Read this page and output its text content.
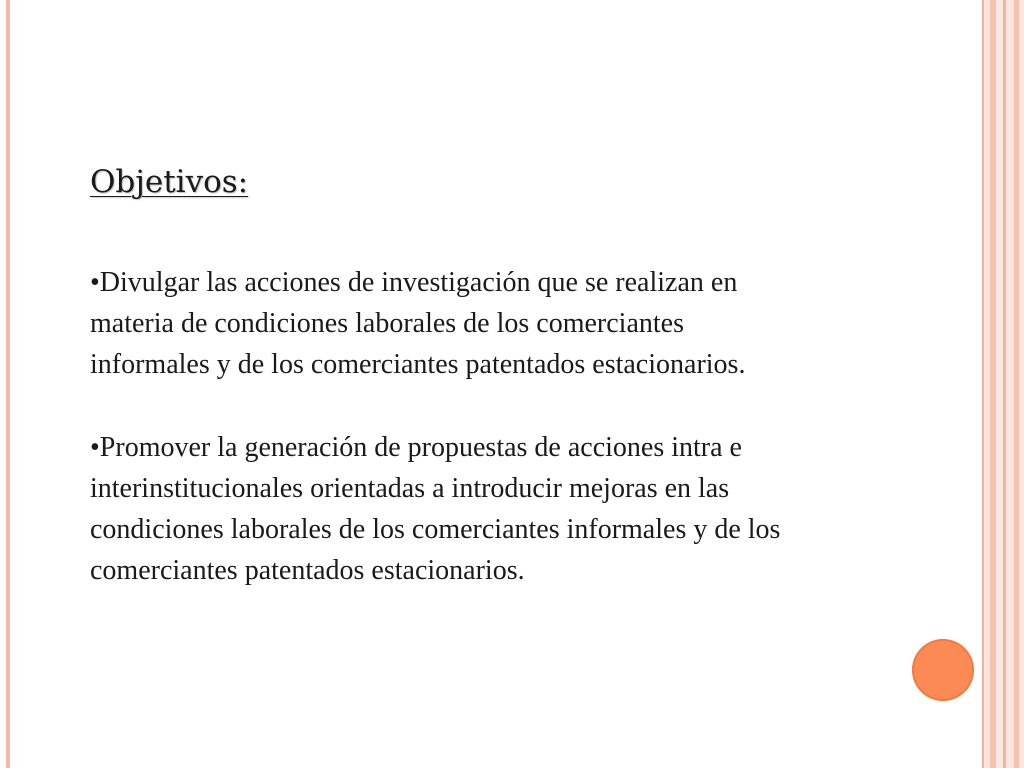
Objetivos:

•Divulgar las acciones de investigación que se realizan en

materia de condiciones laborales de los comerciantes

informales y de los comerciantes patentados estacionarios.

•Promover la generación de propuestas de acciones intra e

interinstitucionales orientadas a introducir mejoras en las

condiciones laborales de los comerciantes informales y de los

comerciantes patentados estacionarios.
